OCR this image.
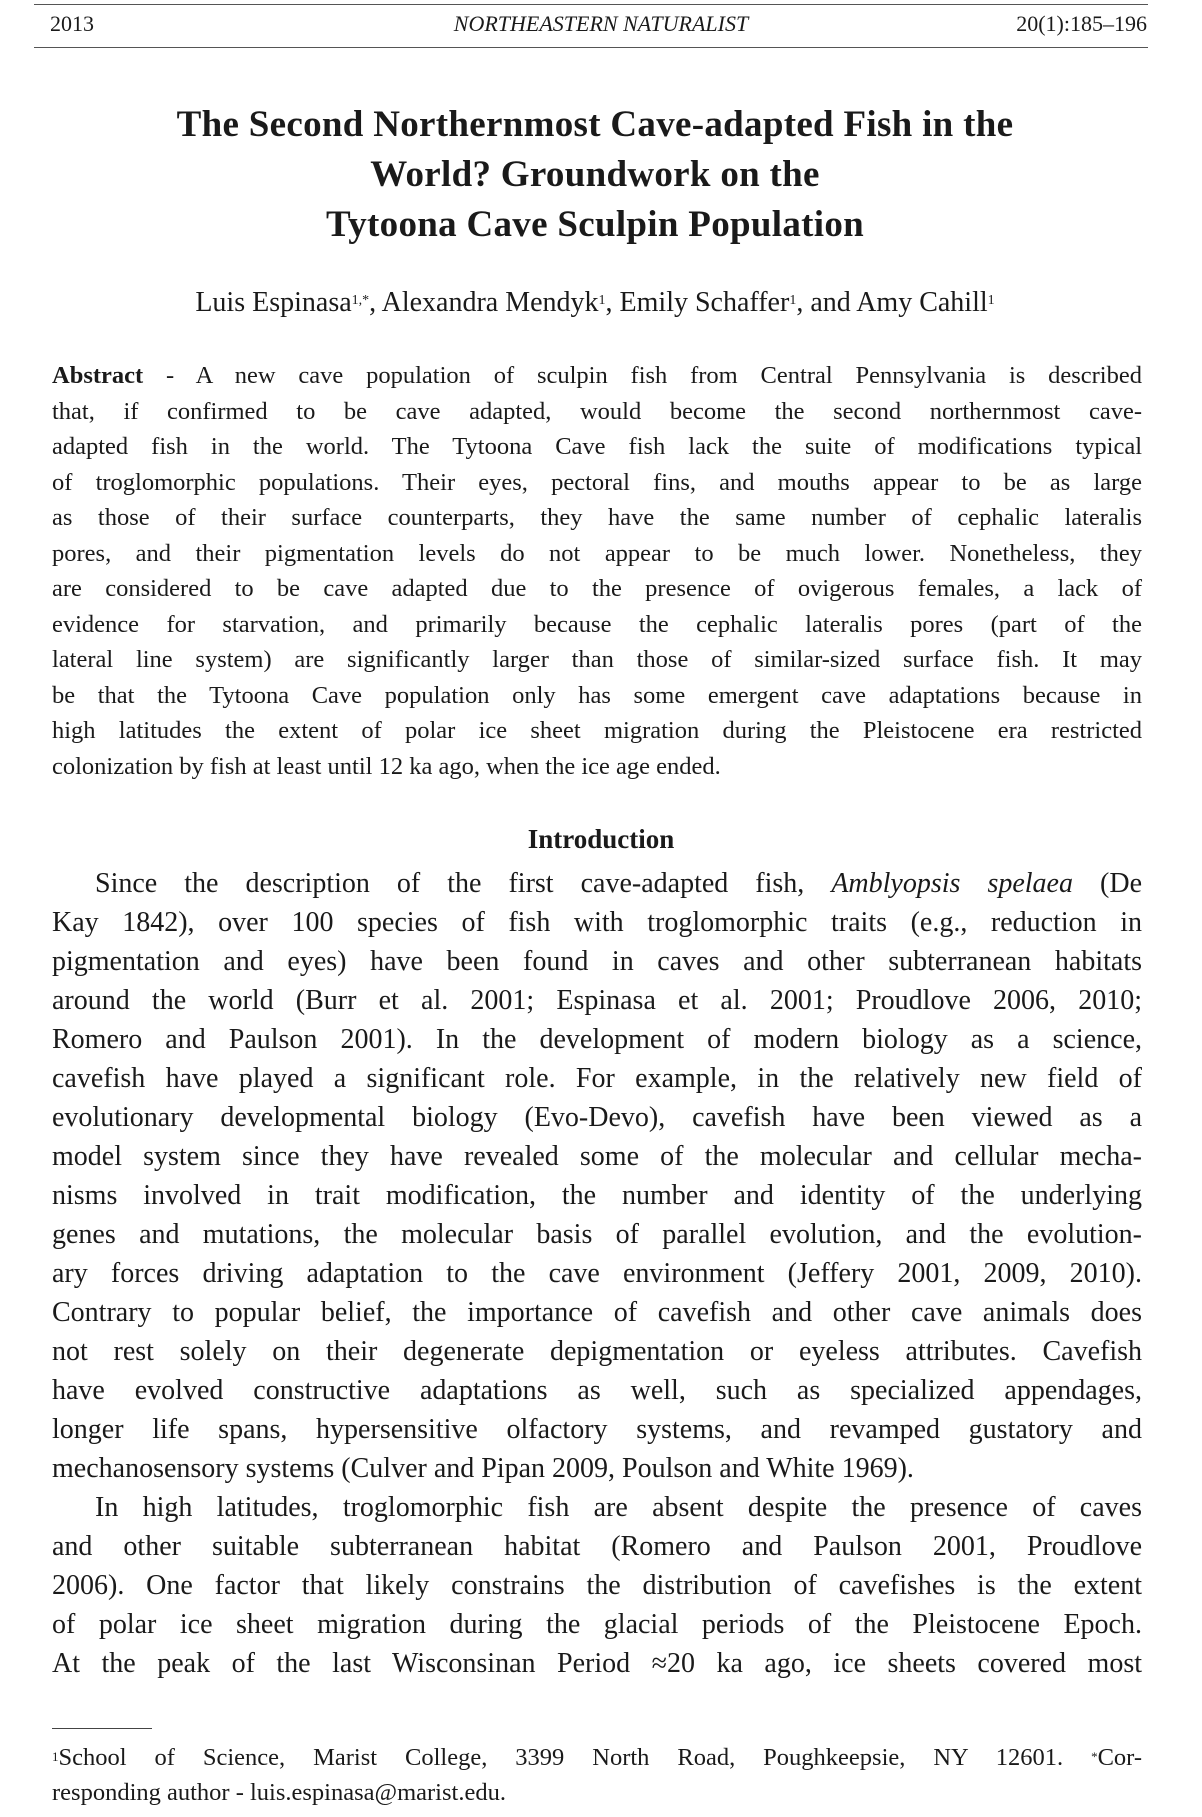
2013	NORTHEASTERN NATURALIST	20(1):185–196
The Second Northernmost Cave-adapted Fish in the
World? Groundwork on the
Tytoona Cave Sculpin Population
Luis Espinasa$^{1,*}$, Alexandra Mendyk$^1$, Emily Schaffer$^1$, and Amy Cahill$^1$
Abstract - A new cave population of sculpin fish from Central Pennsylvania is described
that, if confirmed to be cave adapted, would become the second northernmost cave-
adapted fish in the world. The Tytoona Cave fish lack the suite of modifications typical
of troglomorphic populations. Their eyes, pectoral fins, and mouths appear to be as large
as those of their surface counterparts, they have the same number of cephalic lateralis
pores, and their pigmentation levels do not appear to be much lower. Nonetheless, they
are considered to be cave adapted due to the presence of ovigerous females, a lack of
evidence for starvation, and primarily because the cephalic lateralis pores (part of the
lateral line system) are significantly larger than those of similar-sized surface fish. It may
be that the Tytoona Cave population only has some emergent cave adaptations because in
high latitudes the extent of polar ice sheet migration during the Pleistocene era restricted
colonization by fish at least until 12 ka ago, when the ice age ended.
Introduction
Since the description of the first cave-adapted fish, Amblyopsis spelaea (De
Kay 1842), over 100 species of fish with troglomorphic traits (e.g., reduction in
pigmentation and eyes) have been found in caves and other subterranean habitats
around the world (Burr et al. 2001; Espinasa et al. 2001; Proudlove 2006, 2010;
Romero and Paulson 2001). In the development of modern biology as a science,
cavefish have played a significant role. For example, in the relatively new field of
evolutionary developmental biology (Evo-Devo), cavefish have been viewed as a
model system since they have revealed some of the molecular and cellular mecha-
nisms involved in trait modification, the number and identity of the underlying
genes and mutations, the molecular basis of parallel evolution, and the evolution-
ary forces driving adaptation to the cave environment (Jeffery 2001, 2009, 2010).
Contrary to popular belief, the importance of cavefish and other cave animals does
not rest solely on their degenerate depigmentation or eyeless attributes. Cavefish
have evolved constructive adaptations as well, such as specialized appendages,
longer life spans, hypersensitive olfactory systems, and revamped gustatory and
mechanosensory systems (Culver and Pipan 2009, Poulson and White 1969).
In high latitudes, troglomorphic fish are absent despite the presence of caves
and other suitable subterranean habitat (Romero and Paulson 2001, Proudlove
2006). One factor that likely constrains the distribution of cavefishes is the extent
of polar ice sheet migration during the glacial periods of the Pleistocene Epoch.
At the peak of the last Wisconsinan Period ≈20 ka ago, ice sheets covered most
$^1$School of Science, Marist College, 3399 North Road, Poughkeepsie, NY 12601. *Cor-
responding author - luis.espinasa@marist.edu.
